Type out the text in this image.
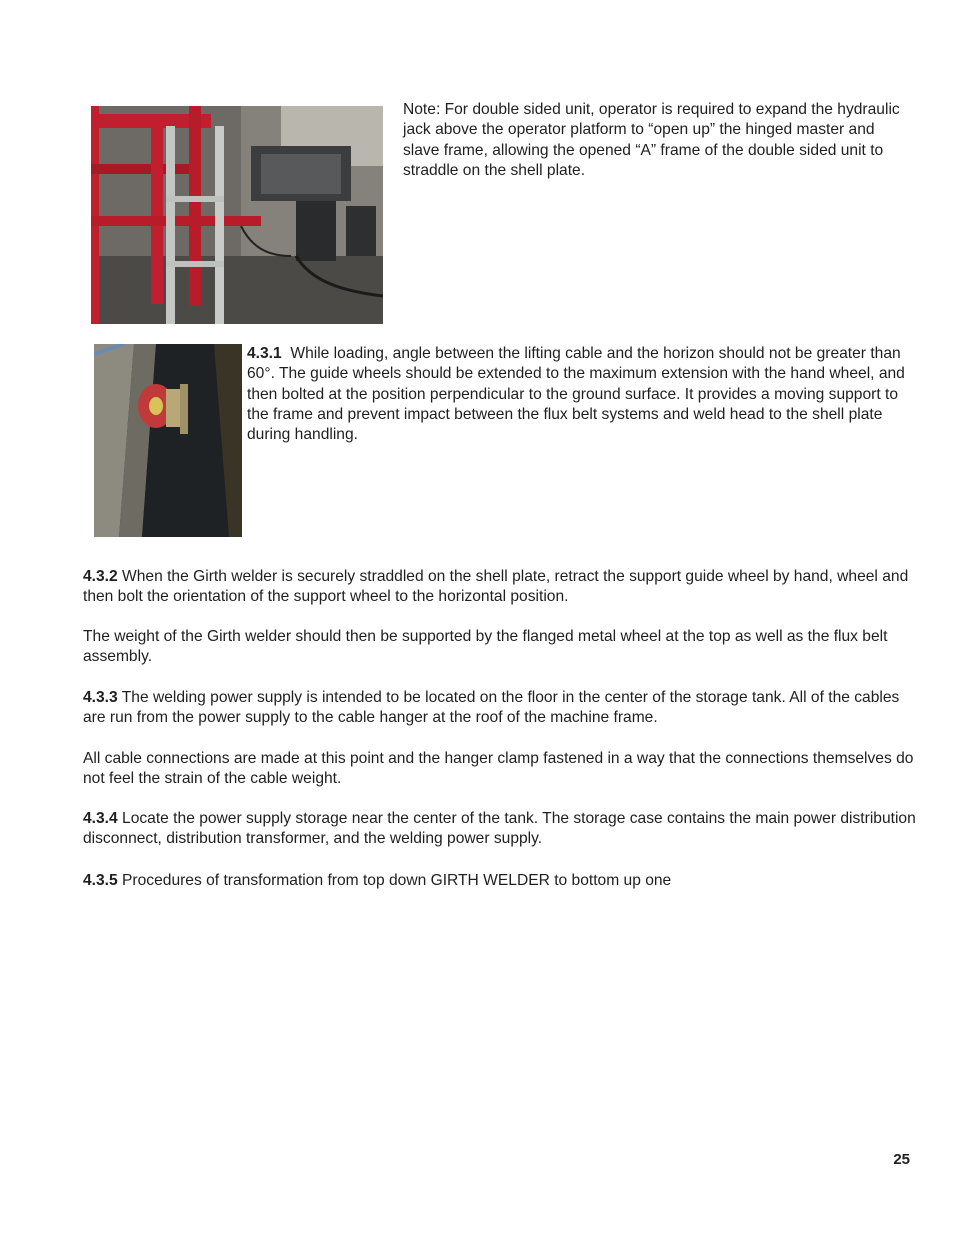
Note: For double sided unit, operator is required to expand the hydraulic jack above the operator platform to “open up” the hinged master and slave frame, allowing the opened “A” frame of the double sided unit to straddle on the shell plate.

4.3.1 While loading, angle between the lifting cable and the horizon should not be greater than 60°. The guide wheels should be extended to the maximum extension with the hand wheel, and then bolted at the position perpendicular to the ground surface. It provides a moving support to the frame and prevent impact between the flux belt systems and weld head to the shell plate during handling.

4.3.2 When the Girth welder is securely straddled on the shell plate, retract the support guide wheel by hand, wheel and then bolt the orientation of the support wheel to the horizontal position.

The weight of the Girth welder should then be supported by the flanged metal wheel at the top as well as the flux belt assembly.

4.3.3 The welding power supply is intended to be located on the floor in the center of the storage tank. All of the cables are run from the power supply to the cable hanger at the roof of the machine frame.

All cable connections are made at this point and the hanger clamp fastened in a way that the connections themselves do not feel the strain of the cable weight.

4.3.4 Locate the power supply storage near the center of the tank. The storage case contains the main power distribution disconnect, distribution transformer, and the welding power supply.

4.3.5 Procedures of transformation from top down GIRTH WELDER to bottom up one

25
